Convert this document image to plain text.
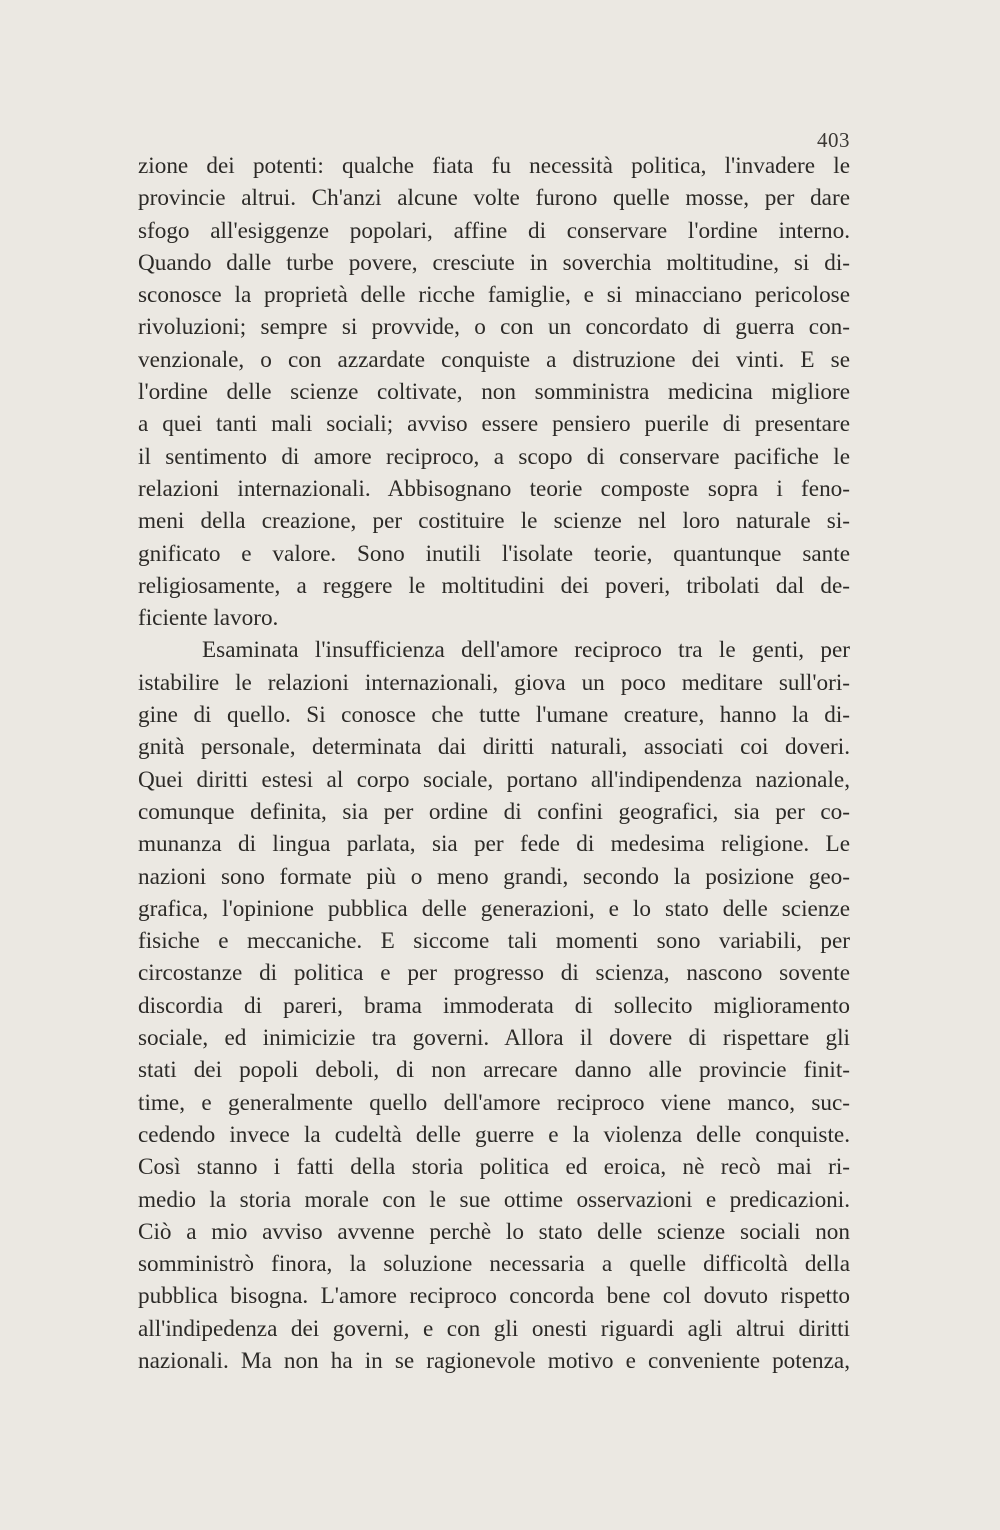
403
zione dei potenti: qualche fiata fu necessità politica, l'invadere le
provincie altrui. Ch'anzi alcune volte furono quelle mosse, per dare
sfogo all'esiggenze popolari, affine di conservare l'ordine interno.
Quando dalle turbe povere, cresciute in soverchia moltitudine, si di-
sconosce la proprietà delle ricche famiglie, e si minacciano pericolose
rivoluzioni; sempre si provvide, o con un concordato di guerra con-
venzionale, o con azzardate conquiste a distruzione dei vinti. E se
l'ordine delle scienze coltivate, non somministra medicina migliore
a quei tanti mali sociali; avviso essere pensiero puerile di presentare
il sentimento di amore reciproco, a scopo di conservare pacifiche le
relazioni internazionali. Abbisognano teorie composte sopra i feno-
meni della creazione, per costituire le scienze nel loro naturale si-
gnificato e valore. Sono inutili l'isolate teorie, quantunque sante
religiosamente, a reggere le moltitudini dei poveri, tribolati dal de-
ficiente lavoro.
Esaminata l'insufficienza dell'amore reciproco tra le genti, per
istabilire le relazioni internazionali, giova un poco meditare sull'ori-
gine di quello. Si conosce che tutte l'umane creature, hanno la di-
gnità personale, determinata dai diritti naturali, associati coi doveri.
Quei diritti estesi al corpo sociale, portano all'indipendenza nazionale,
comunque definita, sia per ordine di confini geografici, sia per co-
munanza di lingua parlata, sia per fede di medesima religione. Le
nazioni sono formate più o meno grandi, secondo la posizione geo-
grafica, l'opinione pubblica delle generazioni, e lo stato delle scienze
fisiche e meccaniche. E siccome tali momenti sono variabili, per
circostanze di politica e per progresso di scienza, nascono sovente
discordia di pareri, brama immoderata di sollecito miglioramento
sociale, ed inimicizie tra governi. Allora il dovere di rispettare gli
stati dei popoli deboli, di non arrecare danno alle provincie finit-
time, e generalmente quello dell'amore reciproco viene manco, suc-
cedendo invece la cudeltà delle guerre e la violenza delle conquiste.
Così stanno i fatti della storia politica ed eroica, nè recò mai ri-
medio la storia morale con le sue ottime osservazioni e predicazioni.
Ciò a mio avviso avvenne perchè lo stato delle scienze sociali non
somministrò finora, la soluzione necessaria a quelle difficoltà della
pubblica bisogna. L'amore reciproco concorda bene col dovuto rispetto
all'indipedenza dei governi, e con gli onesti riguardi agli altrui diritti
nazionali. Ma non ha in se ragionevole motivo e conveniente potenza,
